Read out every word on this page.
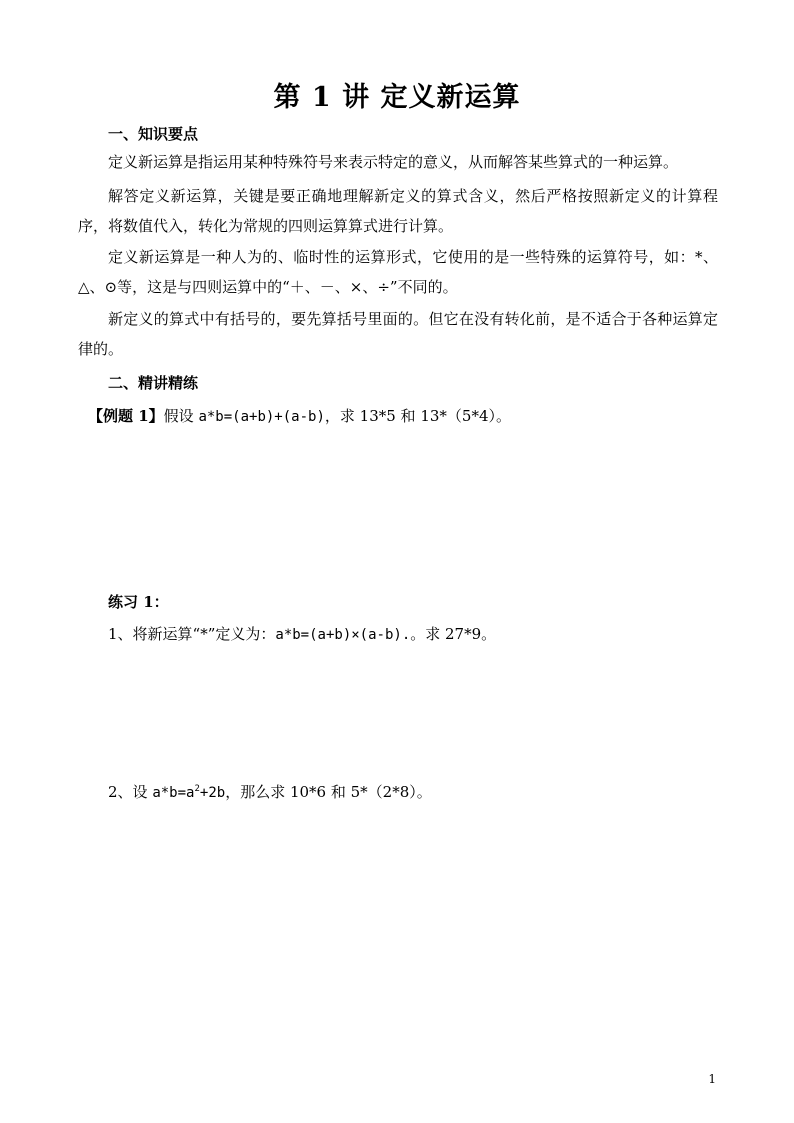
第 1 讲 定义新运算
一、知识要点
定义新运算是指运用某种特殊符号来表示特定的意义，从而解答某些算式的一种运算。
解答定义新运算，关键是要正确地理解新定义的算式含义，然后严格按照新定义的计算程序，将数值代入，转化为常规的四则运算算式进行计算。
定义新运算是一种人为的、临时性的运算形式，它使用的是一些特殊的运算符号，如：*、△、⊙等，这是与四则运算中的“＋、－、×、÷”不同的。
新定义的算式中有括号的，要先算括号里面的。但它在没有转化前，是不适合于各种运算定律的。
二、精讲精练
【例题 1】假设 a*b=(a+b)+(a-b)，求 13*5 和 13*（5*4）。
练习 1：
1、将新运算“*”定义为：a*b=(a+b)×(a-b).。求 27*9。
2、设 $a*b=a^2+2b$，那么求 10*6 和 5*（2*8）。
1
